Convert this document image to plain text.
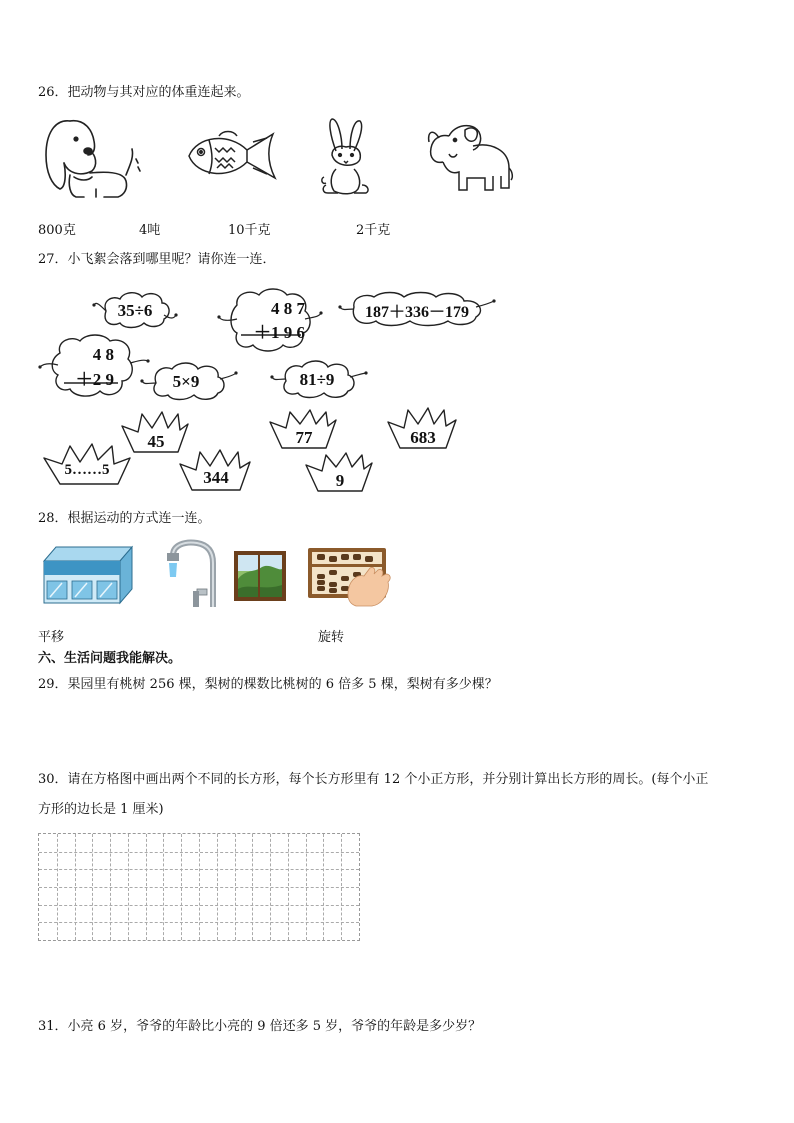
26．把动物与其对应的体重连起来。
800克	4吨	10千克	2千克
27．小飞絮会落到哪里呢？请你连一连．
35÷6	4 8 7
＋1 9 6
187＋336－179
4 8
＋2 9	5×9	81÷9
45	77	683
5……5	344	9
28．根据运动的方式连一连。
平移	旋转
六、生活问题我能解决。
29．果园里有桃树 256 棵，梨树的棵数比桃树的 6 倍多 5 棵，梨树有多少棵？
30．请在方格图中画出两个不同的长方形，每个长方形里有 12 个小正方形，并分别计算出长方形的周长。(每个小正
方形的边长是 1 厘米)
31．小亮 6 岁，爷爷的年龄比小亮的 9 倍还多 5 岁，爷爷的年龄是多少岁？
